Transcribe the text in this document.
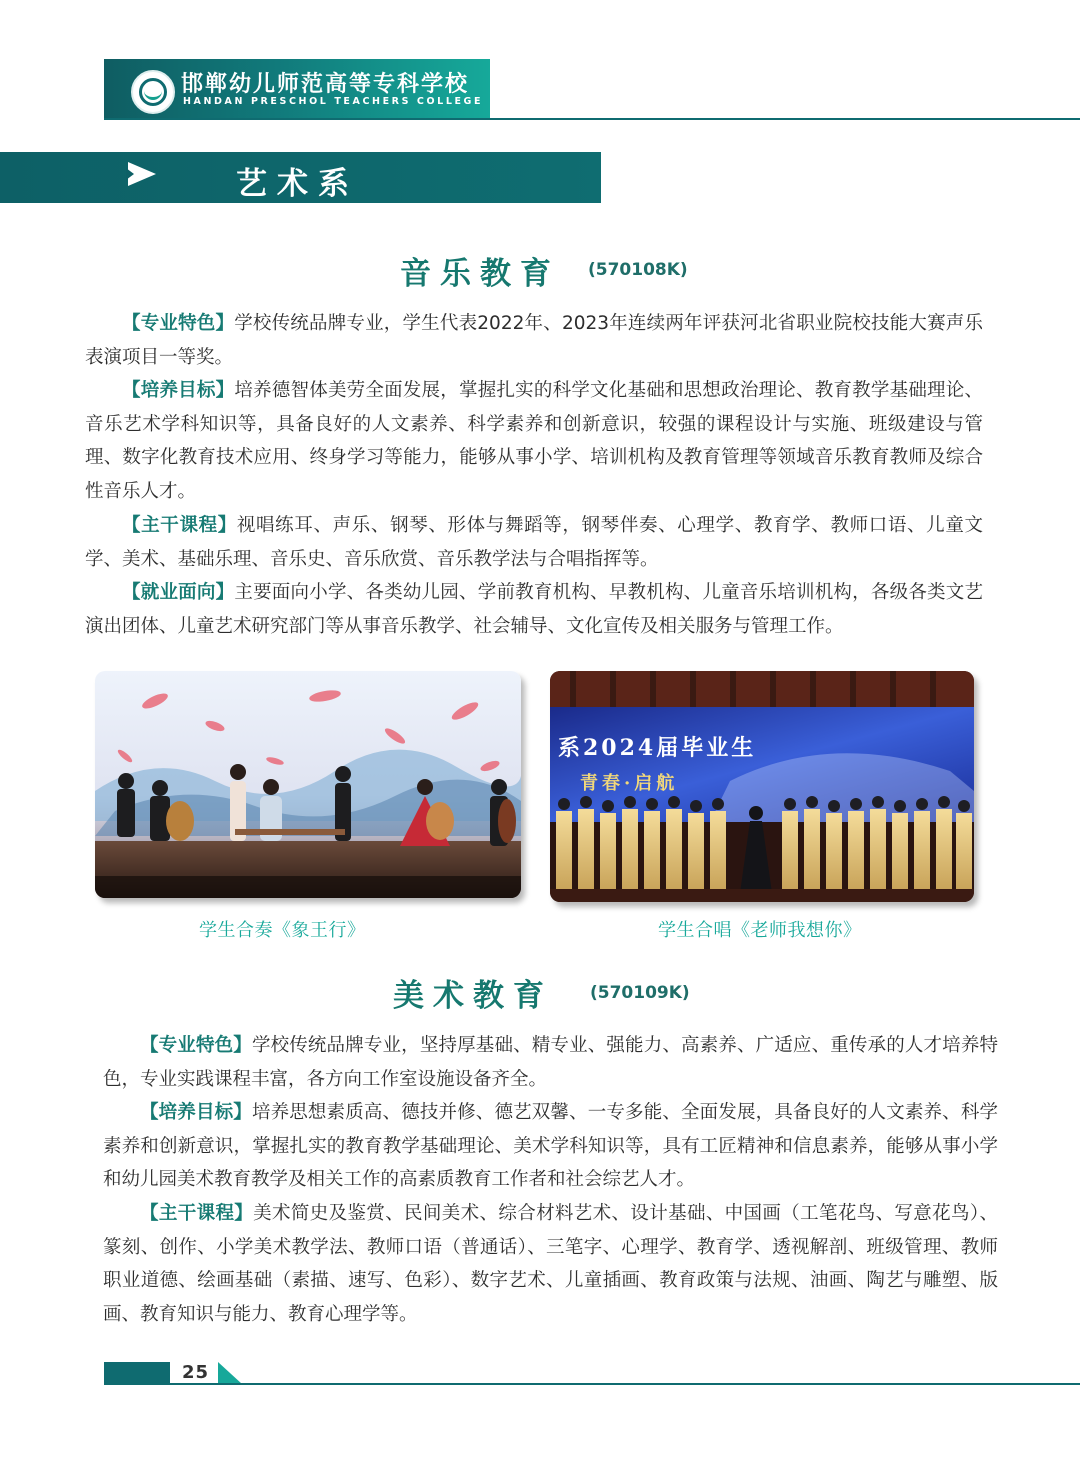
邯郸幼儿师范高等专科学校
HANDAN PRESCHOL TEACHERS COLLEGE
艺术系
音乐教育 (570108K)

【专业特色】学校传统品牌专业，学生代表2022年、2023年连续两年评获河北省职业院校技能大赛声乐表演项目一等奖。

【培养目标】培养德智体美劳全面发展，掌握扎实的科学文化基础和思想政治理论、教育教学基础理论、音乐艺术学科知识等，具备良好的人文素养、科学素养和创新意识，较强的课程设计与实施、班级建设与管理、数字化教育技术应用、终身学习等能力，能够从事小学、培训机构及教育管理等领域音乐教育教师及综合性音乐人才。

【主干课程】视唱练耳、声乐、钢琴、形体与舞蹈等，钢琴伴奏、心理学、教育学、教师口语、儿童文学、美术、基础乐理、音乐史、音乐欣赏、音乐教学法与合唱指挥等。

【就业面向】主要面向小学、各类幼儿园、学前教育机构、早教机构、儿童音乐培训机构，各级各类文艺演出团体、儿童艺术研究部门等从事音乐教学、社会辅导、文化宣传及相关服务与管理工作。

学生合奏《象王行》
系2024届毕业生
青春·启航
学生合唱《老师我想你》
美术教育 (570109K)

【专业特色】学校传统品牌专业，坚持厚基础、精专业、强能力、高素养、广适应、重传承的人才培养特色，专业实践课程丰富，各方向工作室设施设备齐全。

【培养目标】培养思想素质高、德技并修、德艺双馨、一专多能、全面发展，具备良好的人文素养、科学素养和创新意识，掌握扎实的教育教学基础理论、美术学科知识等，具有工匠精神和信息素养，能够从事小学和幼儿园美术教育教学及相关工作的高素质教育工作者和社会综艺人才。

【主干课程】美术简史及鉴赏、民间美术、综合材料艺术、设计基础、中国画（工笔花鸟、写意花鸟）、篆刻、创作、小学美术教学法、教师口语（普通话）、三笔字、心理学、教育学、透视解剖、班级管理、教师职业道德、绘画基础（素描、速写、色彩）、数字艺术、儿童插画、教育政策与法规、油画、陶艺与雕塑、版画、教育知识与能力、教育心理学等。

25
